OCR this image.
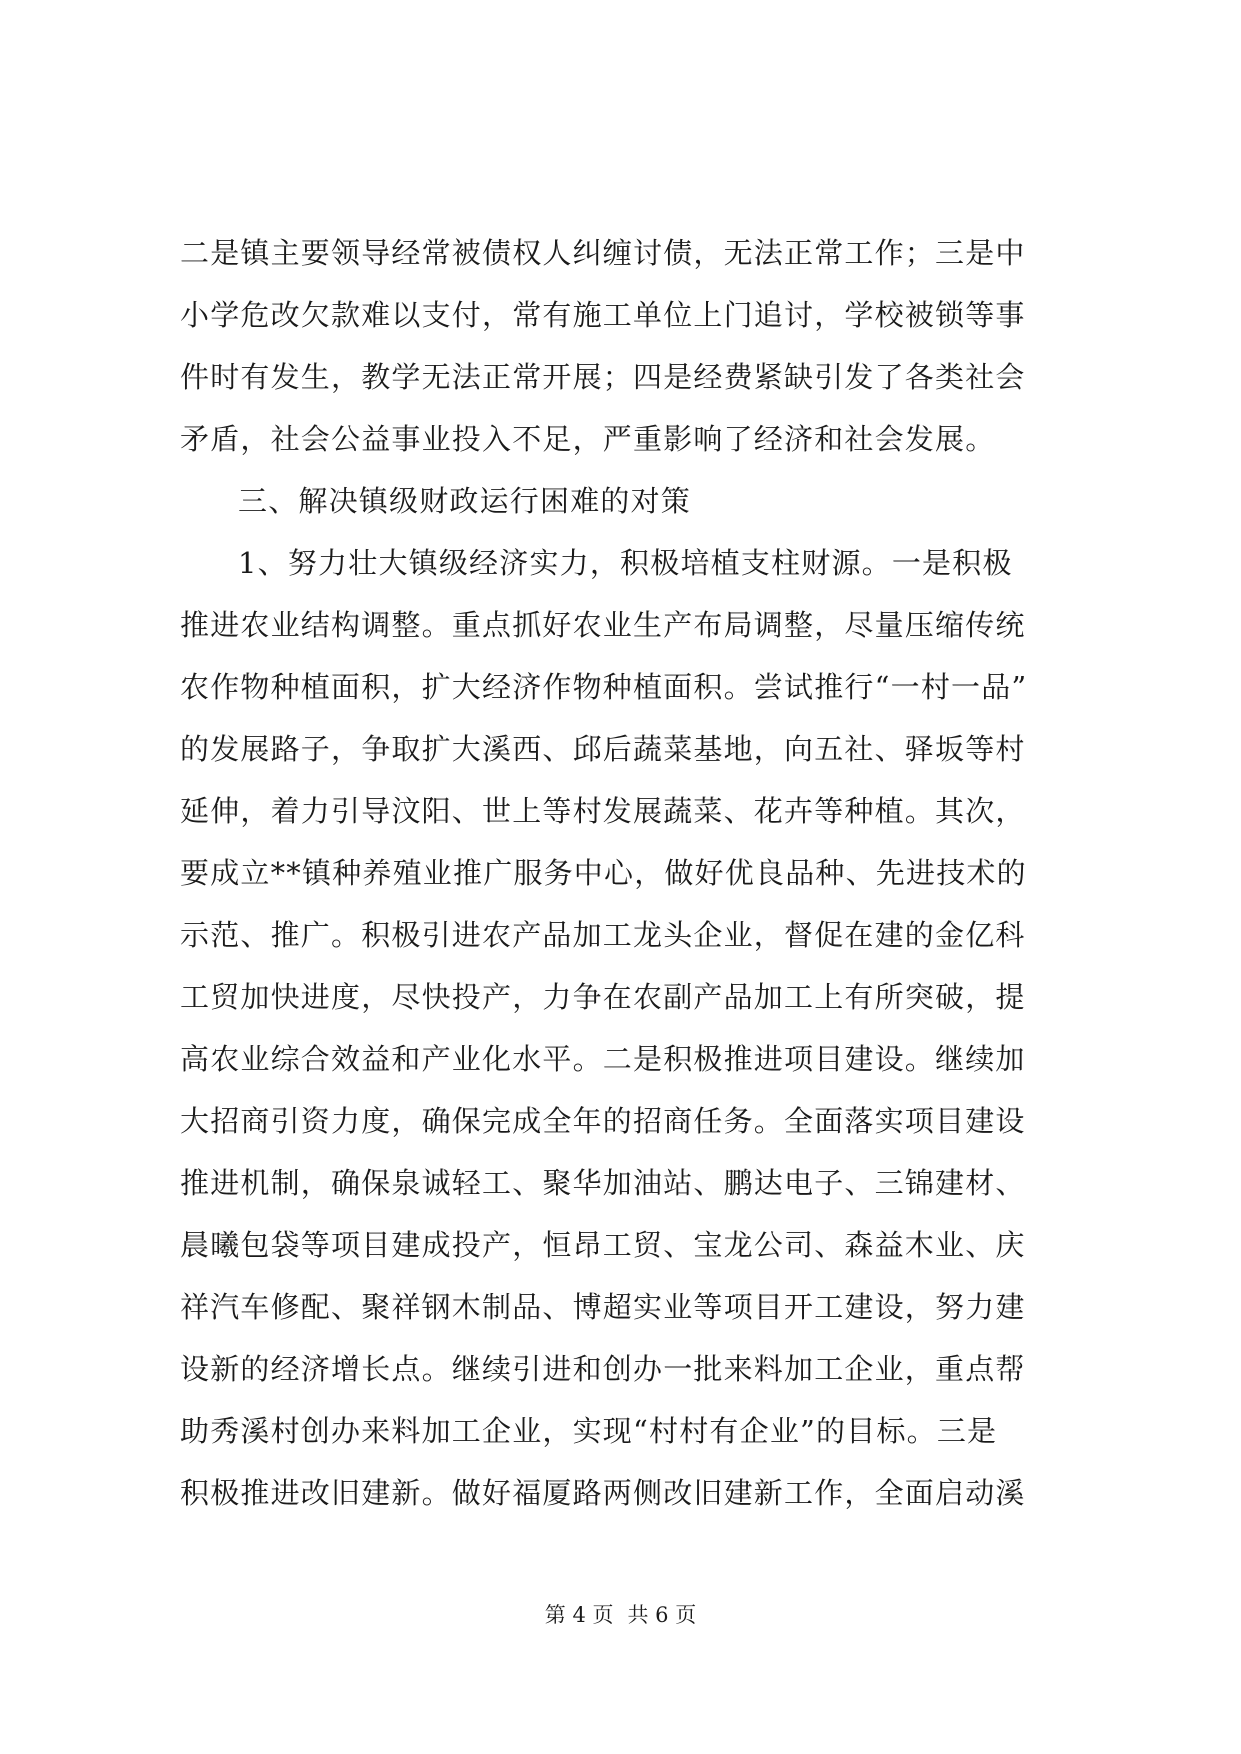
二是镇主要领导经常被债权人纠缠讨债，无法正常工作；三是中
小学危改欠款难以支付，常有施工单位上门追讨，学校被锁等事
件时有发生，教学无法正常开展；四是经费紧缺引发了各类社会
矛盾，社会公益事业投入不足，严重影响了经济和社会发展。
三、解决镇级财政运行困难的对策
1、努力壮大镇级经济实力，积极培植支柱财源。一是积极
推进农业结构调整。重点抓好农业生产布局调整，尽量压缩传统
农作物种植面积，扩大经济作物种植面积。尝试推行“一村一品”
的发展路子，争取扩大溪西、邱后蔬菜基地，向五社、驿坂等村
延伸，着力引导汶阳、世上等村发展蔬菜、花卉等种植。其次，
要成立**镇种养殖业推广服务中心，做好优良品种、先进技术的
示范、推广。积极引进农产品加工龙头企业，督促在建的金亿科
工贸加快进度，尽快投产，力争在农副产品加工上有所突破，提
高农业综合效益和产业化水平。二是积极推进项目建设。继续加
大招商引资力度，确保完成全年的招商任务。全面落实项目建设
推进机制，确保泉诚轻工、聚华加油站、鹏达电子、三锦建材、
晨曦包袋等项目建成投产，恒昂工贸、宝龙公司、森益木业、庆
祥汽车修配、聚祥钢木制品、博超实业等项目开工建设，努力建
设新的经济增长点。继续引进和创办一批来料加工企业，重点帮
助秀溪村创办来料加工企业，实现“村村有企业”的目标。三是
积极推进改旧建新。做好福厦路两侧改旧建新工作，全面启动溪
第 4 页 共 6 页
